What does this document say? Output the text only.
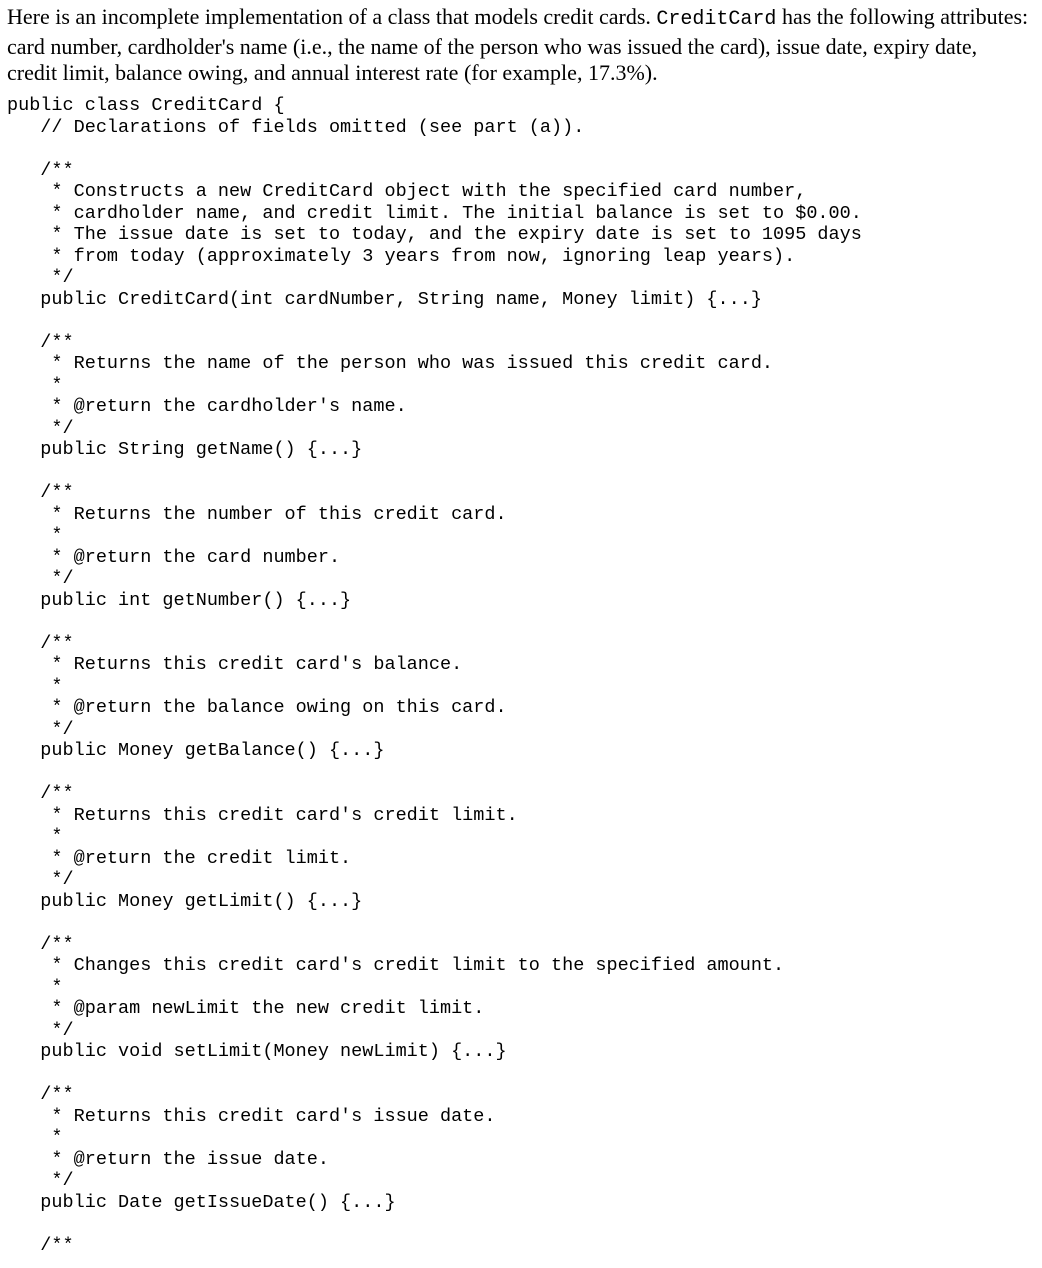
Here is an incomplete implementation of a class that models credit cards. CreditCard has the following attributes: card number, cardholder's name (i.e., the name of the person who was issued the card), issue date, expiry date, credit limit, balance owing, and annual interest rate (for example, 17.3%).

public class CreditCard {
// Declarations of fields omitted (see part (a)).
/**
* Constructs a new CreditCard object with the specified card number,
* cardholder name, and credit limit. The initial balance is set to $0.00.
* The issue date is set to today, and the expiry date is set to 1095 days
* from today (approximately 3 years from now, ignoring leap years).
*/
public CreditCard(int cardNumber, String name, Money limit) {...}
/**
* Returns the name of the person who was issued this credit card.
*
* @return the cardholder's name.
*/
public String getName() {...}
/**
* Returns the number of this credit card.
*
* @return the card number.
*/
public int getNumber() {...}
/**
* Returns this credit card's balance.
*
* @return the balance owing on this card.
*/
public Money getBalance() {...}
/**
* Returns this credit card's credit limit.
*
* @return the credit limit.
*/
public Money getLimit() {...}
/**
* Changes this credit card's credit limit to the specified amount.
*
* @param newLimit the new credit limit.
*/
public void setLimit(Money newLimit) {...}
/**
* Returns this credit card's issue date.
*
* @return the issue date.
*/
public Date getIssueDate() {...}
/**
